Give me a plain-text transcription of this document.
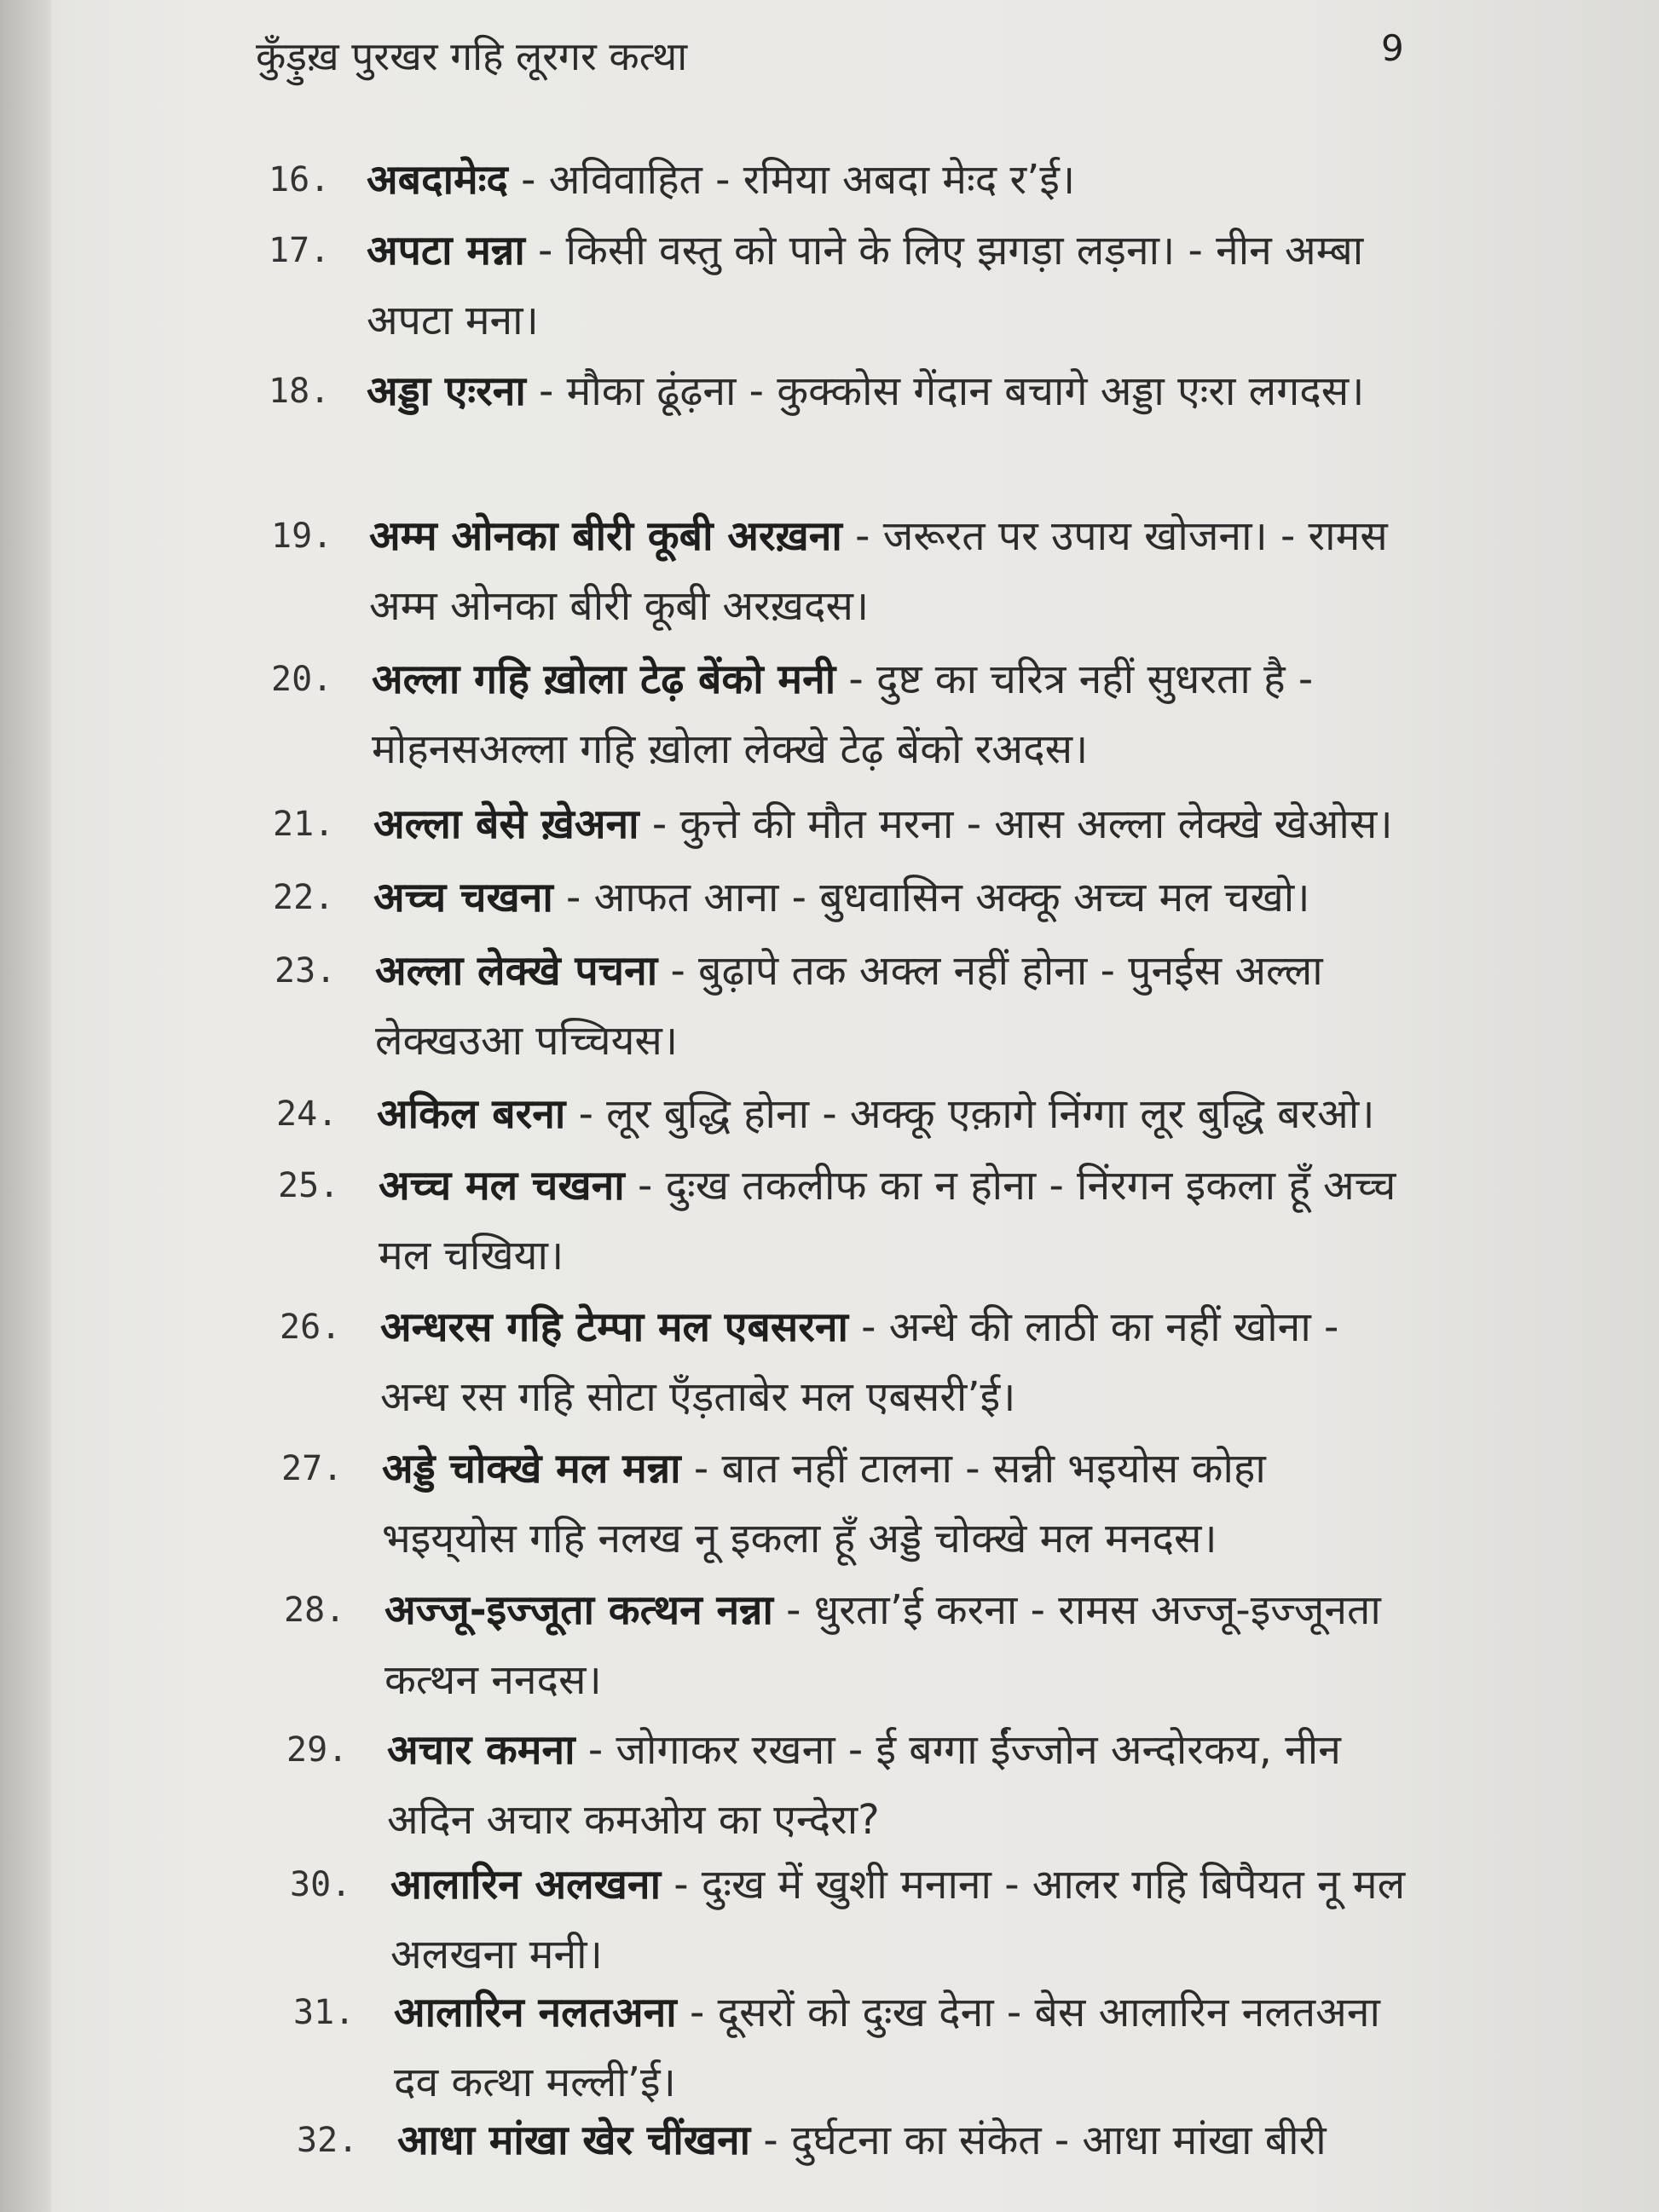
कुँड़ुख़ पुरखर गहि लूरगर कत्था	9
16. अबदामेःद - अविवाहित - रमिया अबदा मेःद र’ई।
17. अपटा मन्ना - किसी वस्तु को पाने के लिए झगड़ा लड़ना। - नीन अम्बा अपटा मना।
18. अड्डा एःरना - मौका ढूंढ़ना - कुक्कोस गेंदान बचागे अड्डा एःरा लगदस।
19. अम्म ओनका बीरी कूबी अरख़ना - जरूरत पर उपाय खोजना। - रामस अम्म ओनका बीरी कूबी अरख़दस।
20. अल्ला गहि ख़ोला टेढ़ बेंको मनी - दुष्ट का चरित्र नहीं सुधरता है - मोहनसअल्ला गहि ख़ोला लेक्खे टेढ़ बेंको रअदस।
21. अल्ला बेसे खे़अना - कुत्ते की मौत मरना - आस अल्ला लेक्खे खेओस।
22. अच्च चखना - आफत आना - बुधवासिन अक्कू अच्च मल चखो।
23. अल्ला लेक्खे पचना - बुढ़ापे तक अक्ल नहीं होना - पुनईस अल्ला लेक्खउआ पच्चियस।
24. अकिल बरना - लूर बुद्धि होना - अक्कू एक़ागे निंग्गा लूर बुद्धि बरओ।
25. अच्च मल चखना - दुःख तकलीफ का न होना - निंरगन इकला हूँ अच्च मल चखिया।
26. अन्धरस गहि टेम्पा मल एबसरना - अन्धे की लाठी का नहीं खोना - अन्ध रस गहि सोटा एँड़ताबेर मल एबसरी’ई।
27. अड्डे चोक्खे मल मन्ना - बात नहीं टालना - सन्नी भइयोस कोहा भइय्‌योस गहि नलख नू इकला हूँ अड्डे चोक्खे मल मनदस।
28. अज्जू-इज्जूता कत्थन नन्ना - धुरता’ई करना - रामस अज्जू-इज्जूनता कत्थन ननदस।
29. अचार कमना - जोगाकर रखना - ई बग्गा ईंज्जोन अन्दोरकय, नीन अदिन अचार कमओय का एन्देरा?
30. आलारिन अलखना - दुःख में खुशी मनाना - आलर गहि बिपैयत नू मल अलखना मनी।
31. आलारिन नलतअना - दूसरों को दुःख देना - बेस आलारिन नलतअना दव कत्था मल्ली’ई।
32. आधा मांखा खेर चींखना - दुर्घटना का संकेत - आधा मांखा बीरी
